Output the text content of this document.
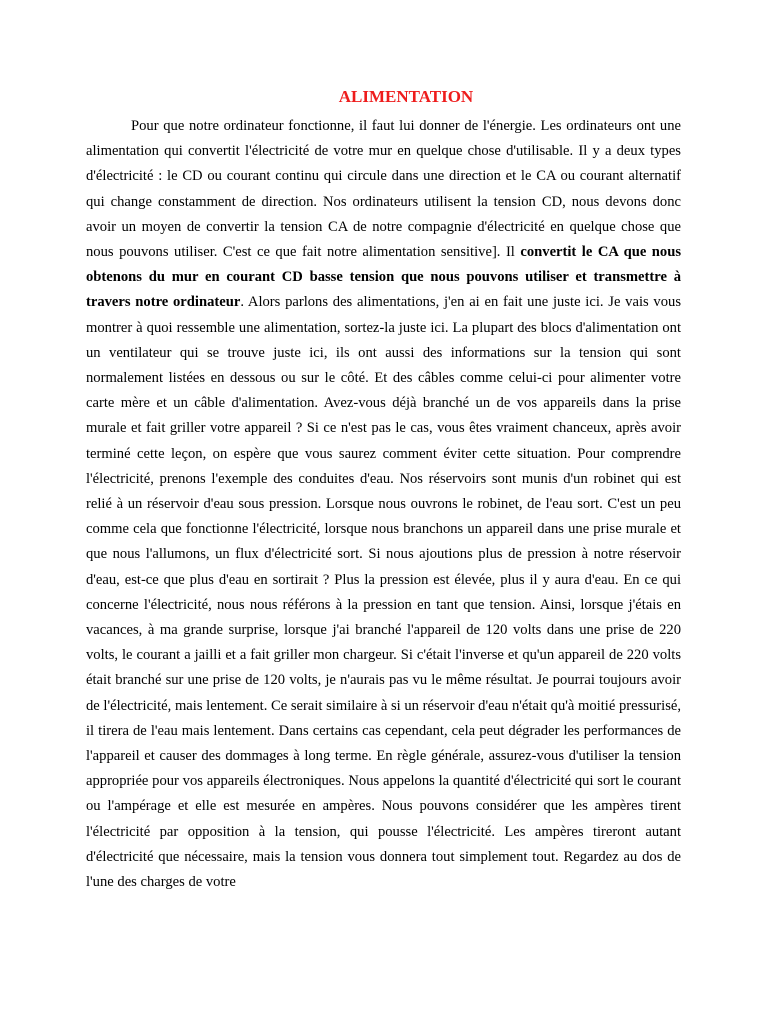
ALIMENTATION

Pour que notre ordinateur fonctionne, il faut lui donner de l'énergie. Les ordinateurs ont une alimentation qui convertit l'électricité de votre mur en quelque chose d'utilisable. Il y a deux types d'électricité : le CD ou courant continu qui circule dans une direction et le CA ou courant alternatif qui change constamment de direction. Nos ordinateurs utilisent la tension CD, nous devons donc avoir un moyen de convertir la tension CA de notre compagnie d'électricité en quelque chose que nous pouvons utiliser. C'est ce que fait notre alimentation sensitive]. Il convertit le CA que nous obtenons du mur en courant CD basse tension que nous pouvons utiliser et transmettre à travers notre ordinateur. Alors parlons des alimentations, j'en ai en fait une juste ici. Je vais vous montrer à quoi ressemble une alimentation, sortez-la juste ici. La plupart des blocs d'alimentation ont un ventilateur qui se trouve juste ici, ils ont aussi des informations sur la tension qui sont normalement listées en dessous ou sur le côté. Et des câbles comme celui-ci pour alimenter votre carte mère et un câble d'alimentation. Avez-vous déjà branché un de vos appareils dans la prise murale et fait griller votre appareil ? Si ce n'est pas le cas, vous êtes vraiment chanceux, après avoir terminé cette leçon, on espère que vous saurez comment éviter cette situation. Pour comprendre l'électricité, prenons l'exemple des conduites d'eau. Nos réservoirs sont munis d'un robinet qui est relié à un réservoir d'eau sous pression. Lorsque nous ouvrons le robinet, de l'eau sort. C'est un peu comme cela que fonctionne l'électricité, lorsque nous branchons un appareil dans une prise murale et que nous l'allumons, un flux d'électricité sort. Si nous ajoutions plus de pression à notre réservoir d'eau, est-ce que plus d'eau en sortirait ? Plus la pression est élevée, plus il y aura d'eau. En ce qui concerne l'électricité, nous nous référons à la pression en tant que tension. Ainsi, lorsque j'étais en vacances, à ma grande surprise, lorsque j'ai branché l'appareil de 120 volts dans une prise de 220 volts, le courant a jailli et a fait griller mon chargeur. Si c'était l'inverse et qu'un appareil de 220 volts était branché sur une prise de 120 volts, je n'aurais pas vu le même résultat. Je pourrai toujours avoir de l'électricité, mais lentement. Ce serait similaire à si un réservoir d'eau n'était qu'à moitié pressurisé, il tirera de l'eau mais lentement. Dans certains cas cependant, cela peut dégrader les performances de l'appareil et causer des dommages à long terme. En règle générale, assurez-vous d'utiliser la tension appropriée pour vos appareils électroniques. Nous appelons la quantité d'électricité qui sort le courant ou l'ampérage et elle est mesurée en ampères. Nous pouvons considérer que les ampères tirent l'électricité par opposition à la tension, qui pousse l'électricité. Les ampères tireront autant d'électricité que nécessaire, mais la tension vous donnera tout simplement tout. Regardez au dos de l'une des charges de votre
